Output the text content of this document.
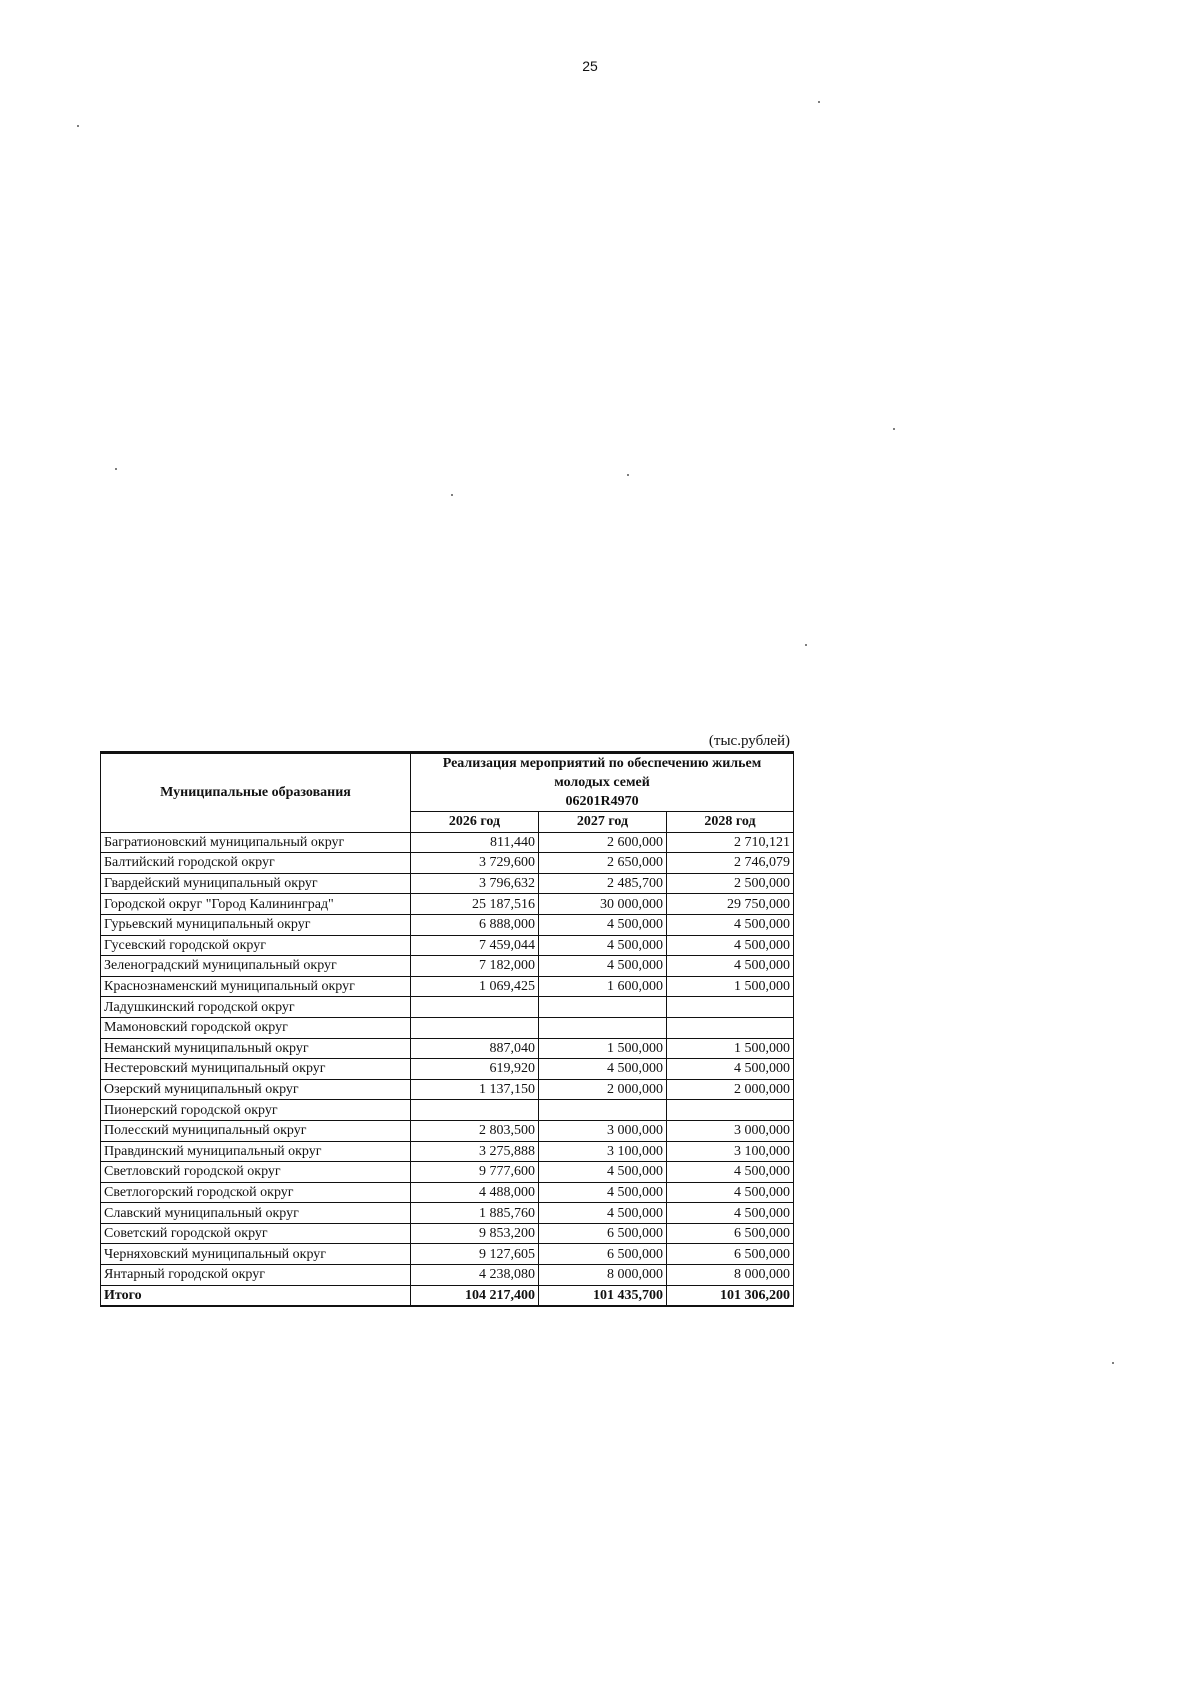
25
(тыс.рублей)
Муниципальные образования	Реализация мероприятий по обеспечению жильем
молодых семей
06201R4970		

	2026 год	2027 год	2028 год
Багратионовский муниципальный округ	811,440	2 600,000	2 710,121
Балтийский городской округ	3 729,600	2 650,000	2 746,079
Гвардейский муниципальный округ	3 796,632	2 485,700	2 500,000
Городской округ "Город Калининград"	25 187,516	30 000,000	29 750,000
Гурьевский муниципальный округ	6 888,000	4 500,000	4 500,000
Гусевский городской округ	7 459,044	4 500,000	4 500,000
Зеленоградский муниципальный округ	7 182,000	4 500,000	4 500,000
Краснознаменский муниципальный округ	1 069,425	1 600,000	1 500,000
Ладушкинский городской округ			
Мамоновский городской округ			
Неманский муниципальный округ	887,040	1 500,000	1 500,000
Нестеровский муниципальный округ	619,920	4 500,000	4 500,000
Озерский муниципальный округ	1 137,150	2 000,000	2 000,000
Пионерский городской округ			
Полесский муниципальный округ	2 803,500	3 000,000	3 000,000
Правдинский муниципальный округ	3 275,888	3 100,000	3 100,000
Светловский городской округ	9 777,600	4 500,000	4 500,000
Светлогорский городской округ	4 488,000	4 500,000	4 500,000
Славский муниципальный округ	1 885,760	4 500,000	4 500,000
Советский городской округ	9 853,200	6 500,000	6 500,000
Черняховский муниципальный округ	9 127,605	6 500,000	6 500,000
Янтарный городской округ	4 238,080	8 000,000	8 000,000
Итого	104 217,400	101 435,700	101 306,200
